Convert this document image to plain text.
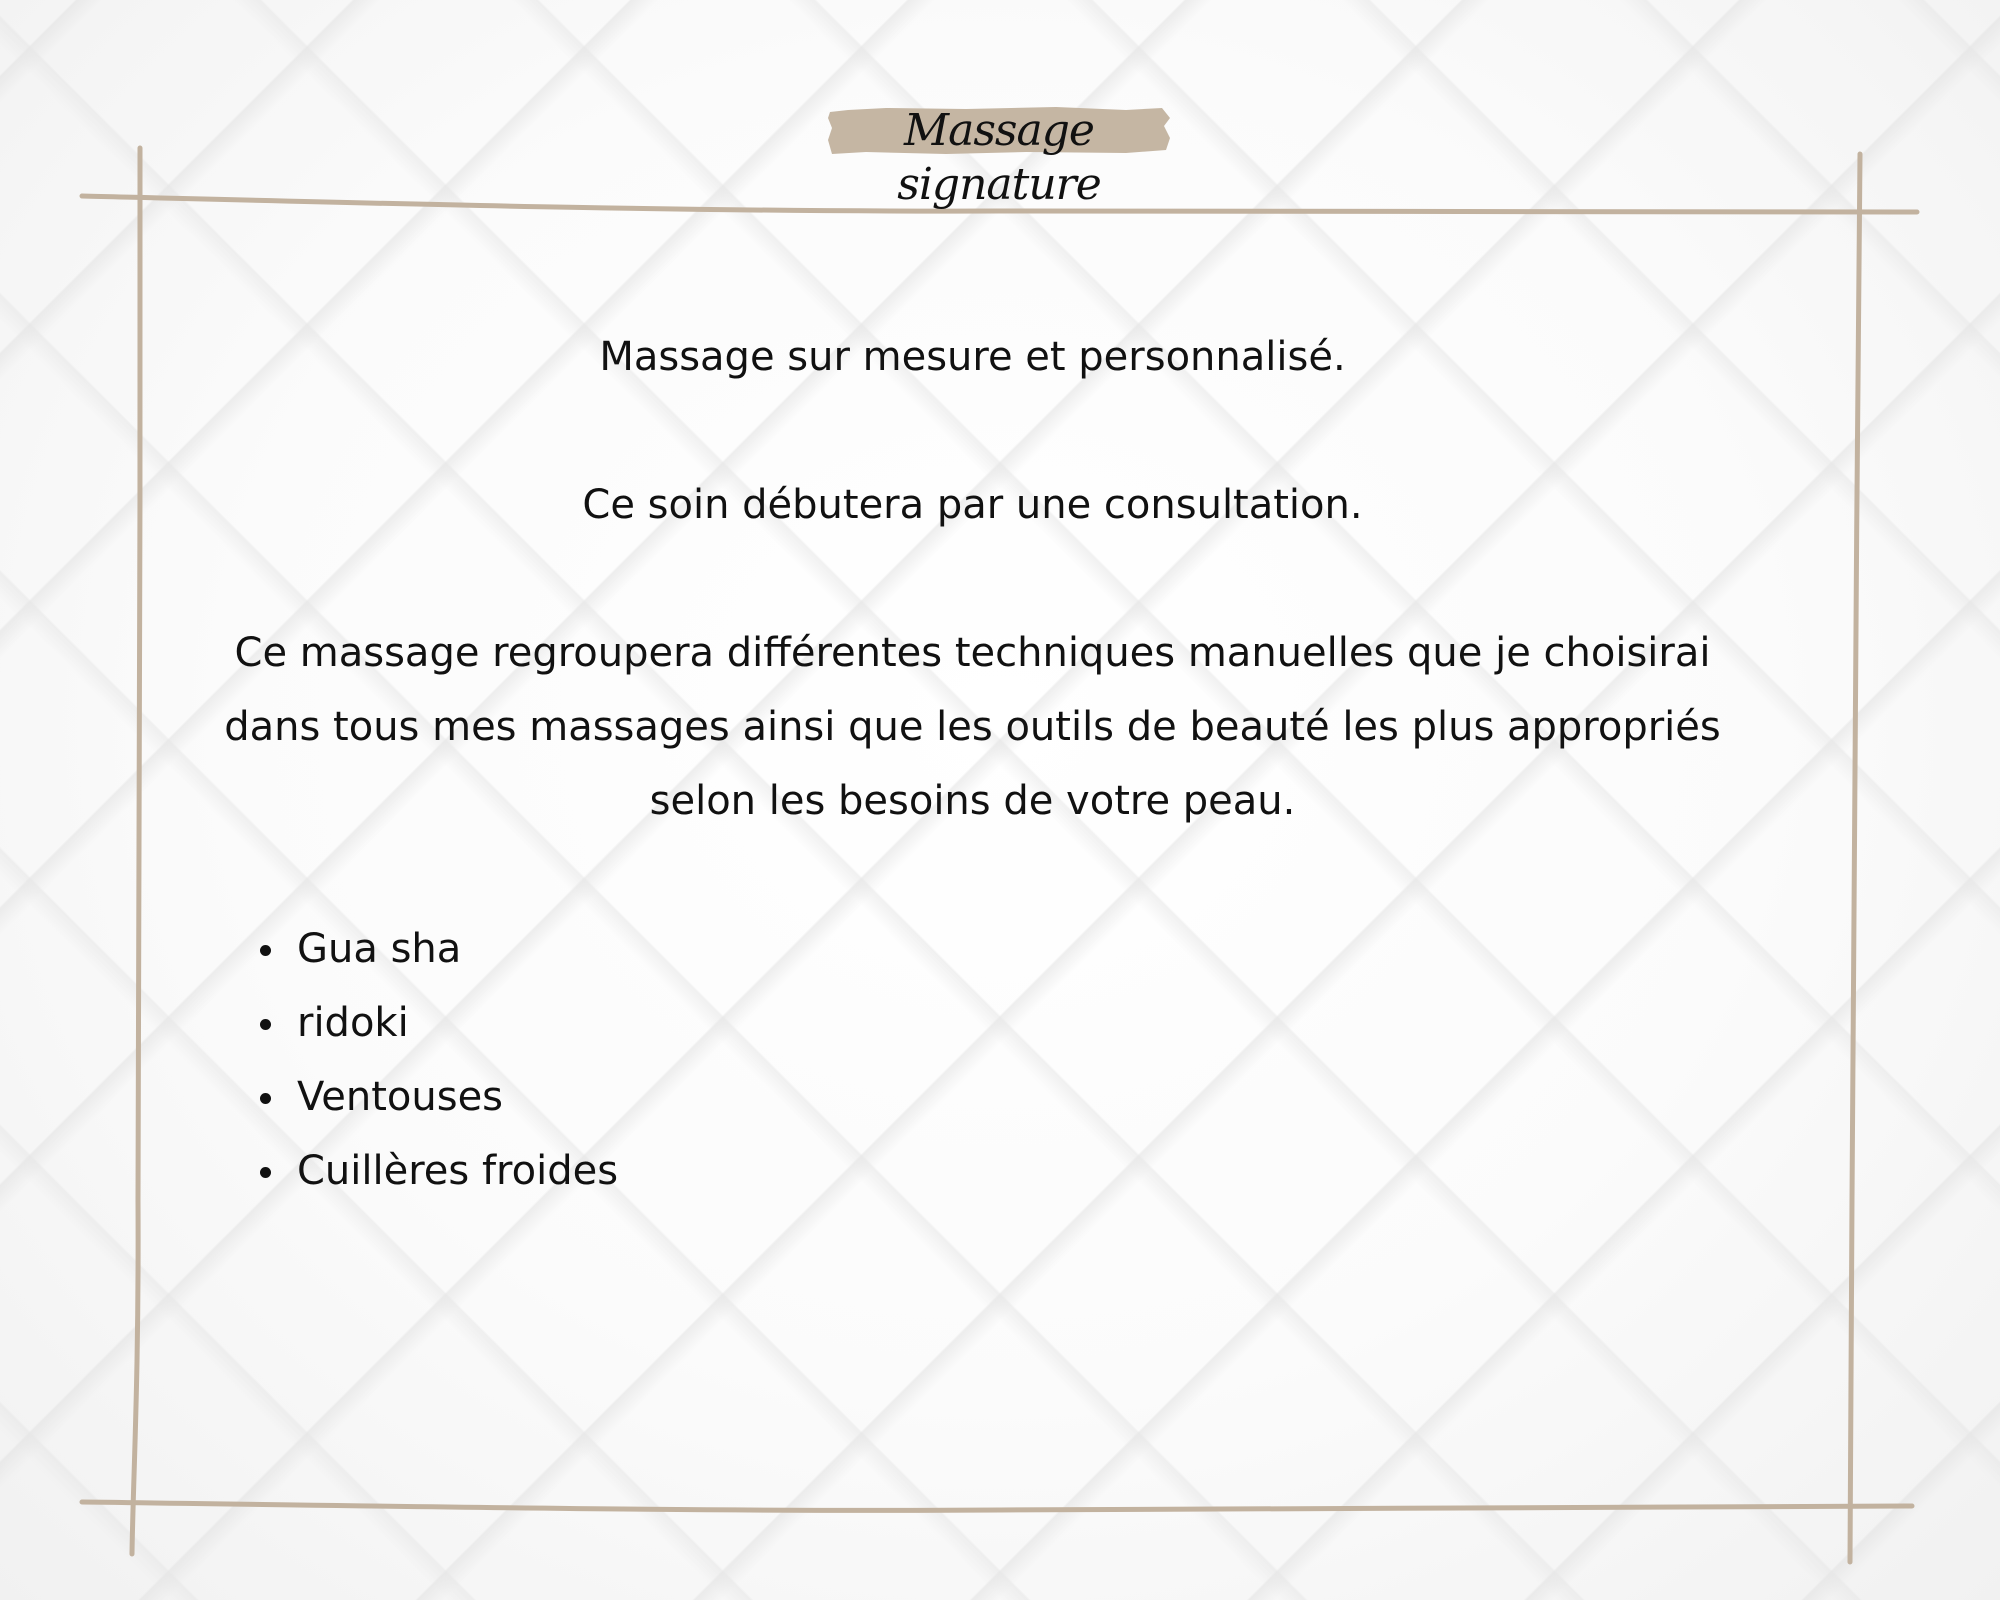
Massage signature

Massage sur mesure et personnalisé.

Ce soin débutera par une consultation.

Ce massage regroupera différentes techniques manuelles que je choisirai dans tous mes massages ainsi que les outils de beauté les plus appropriés selon les besoins de votre peau.

Gua sha
ridoki
Ventouses
Cuillères froides
